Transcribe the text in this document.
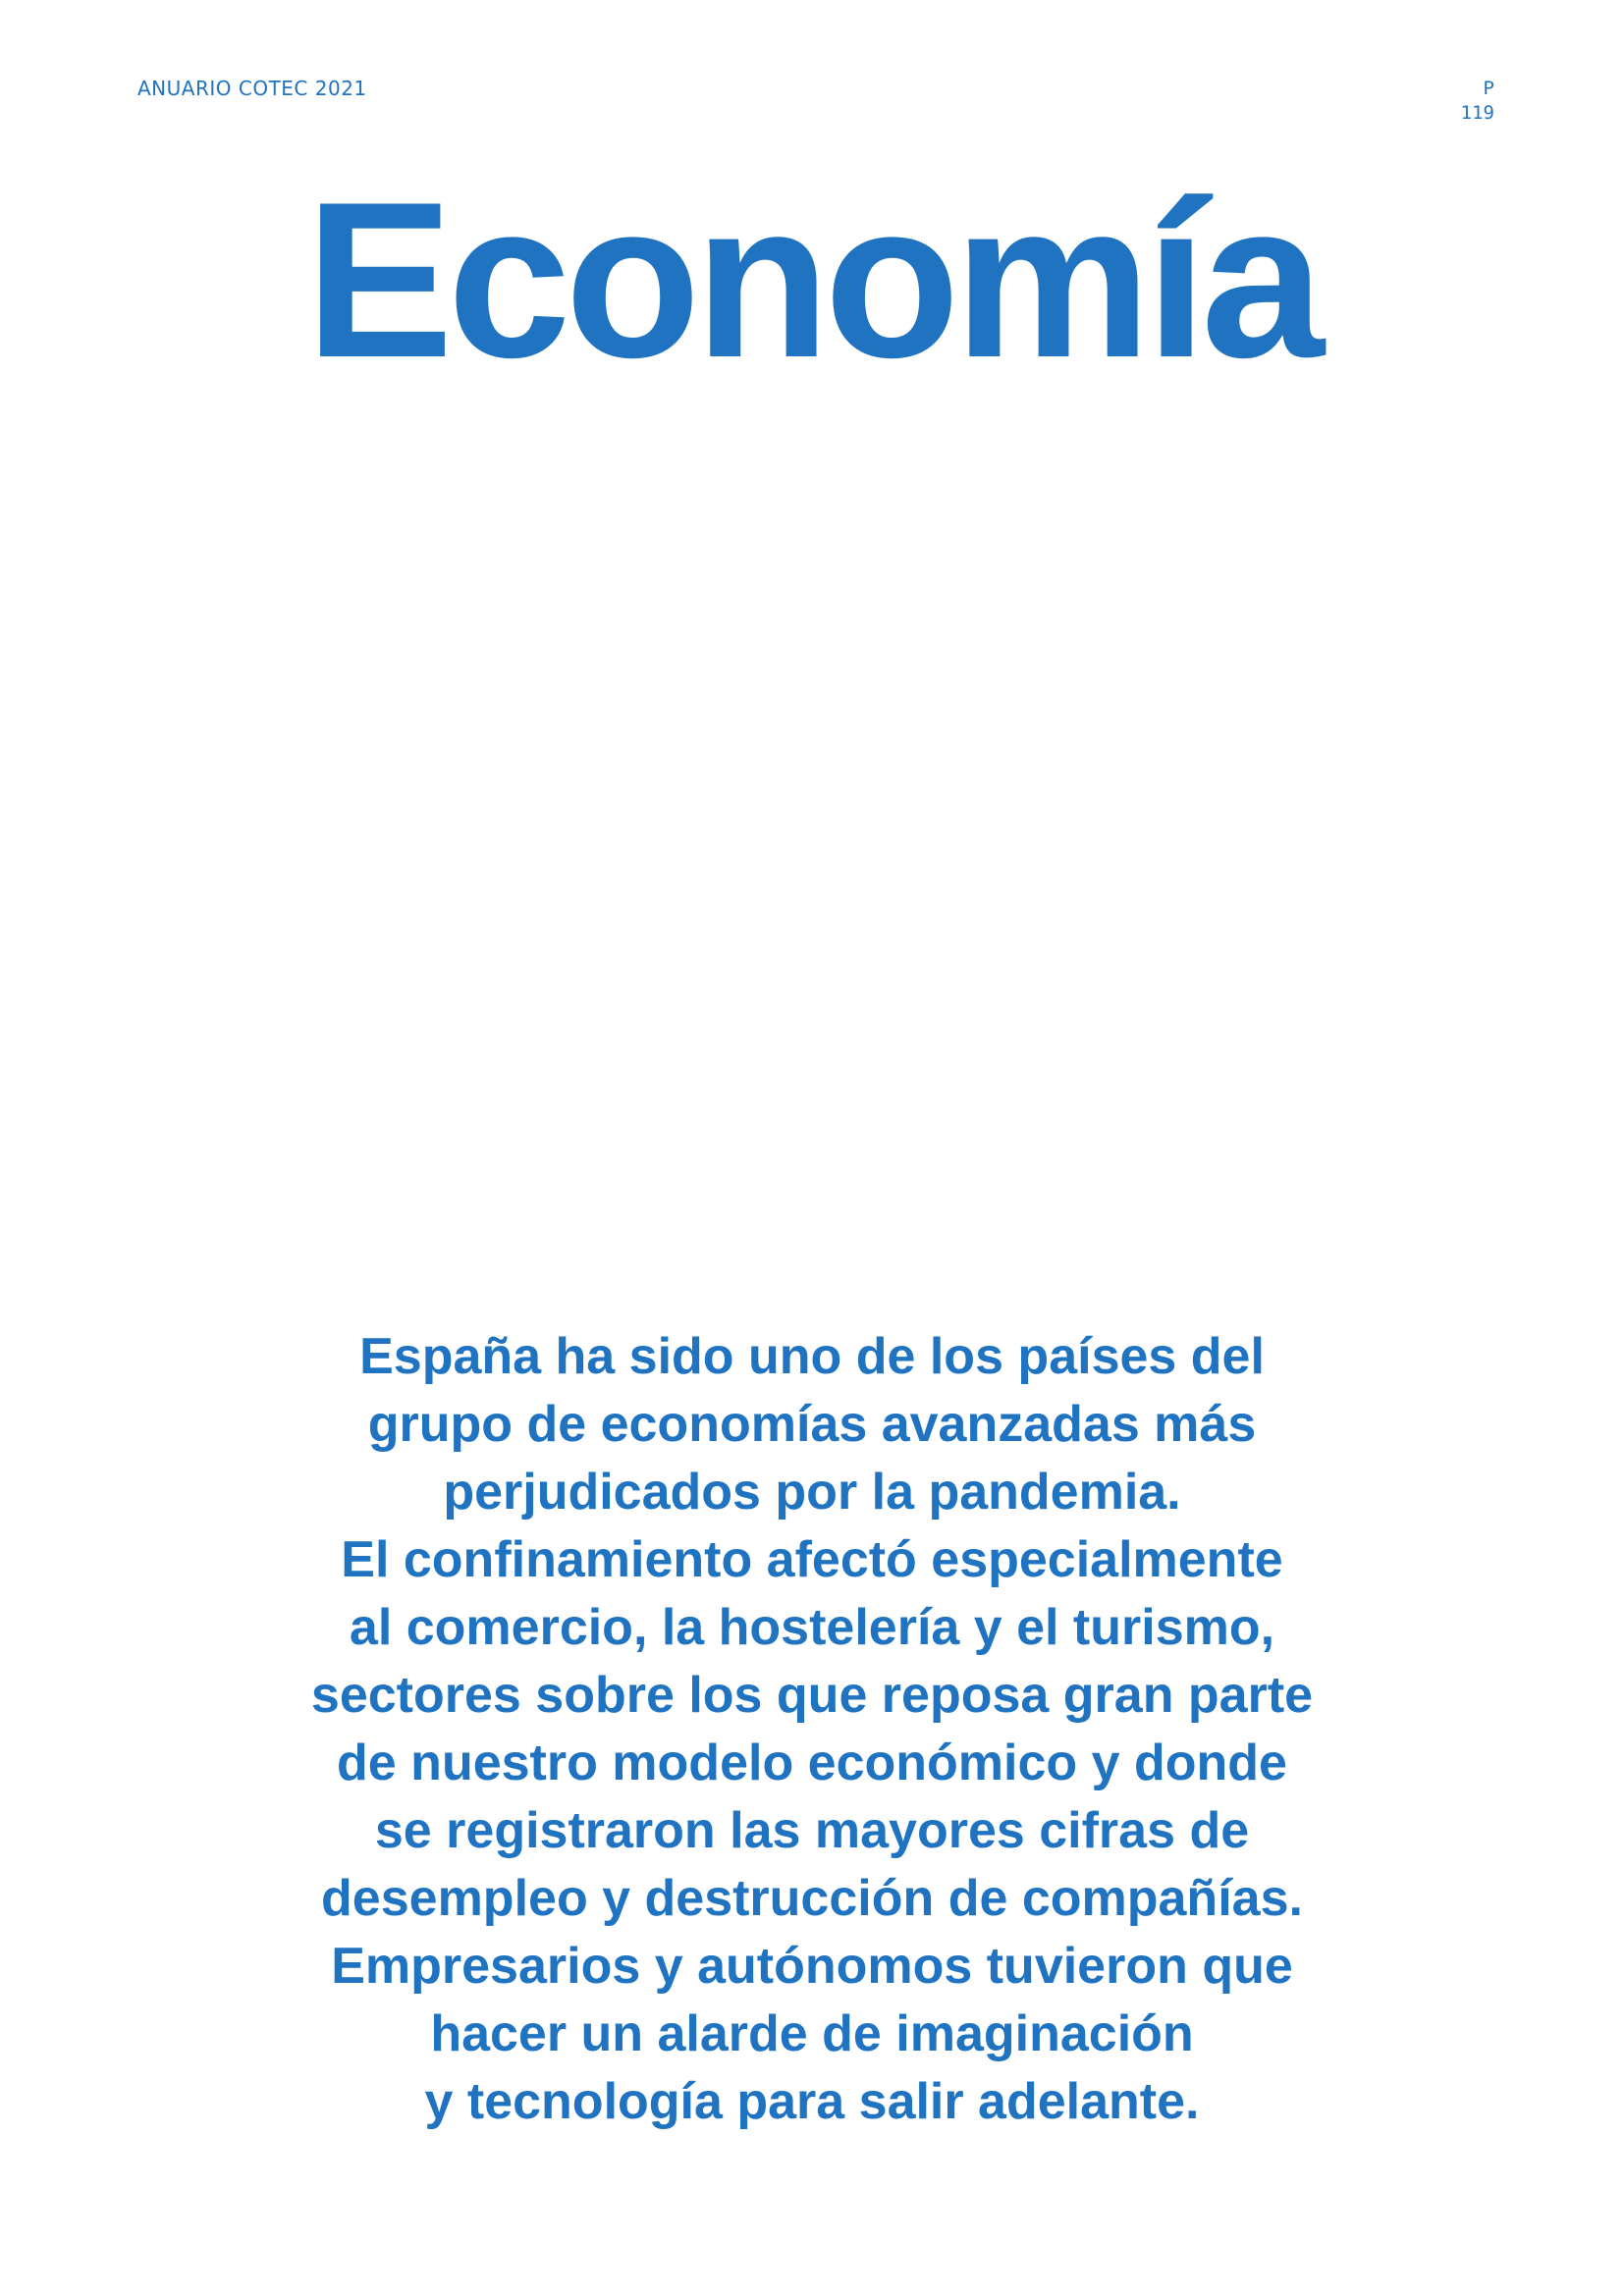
ANUARIO COTEC 2021	P
119
Economía
España ha sido uno de los países del
grupo de economías avanzadas más
perjudicados por la pandemia.
El confinamiento afectó especialmente
al comercio, la hostelería y el turismo,
sectores sobre los que reposa gran parte
de nuestro modelo económico y donde
se registraron las mayores cifras de
desempleo y destrucción de compañías.
Empresarios y autónomos tuvieron que
hacer un alarde de imaginación
y tecnología para salir adelante.
